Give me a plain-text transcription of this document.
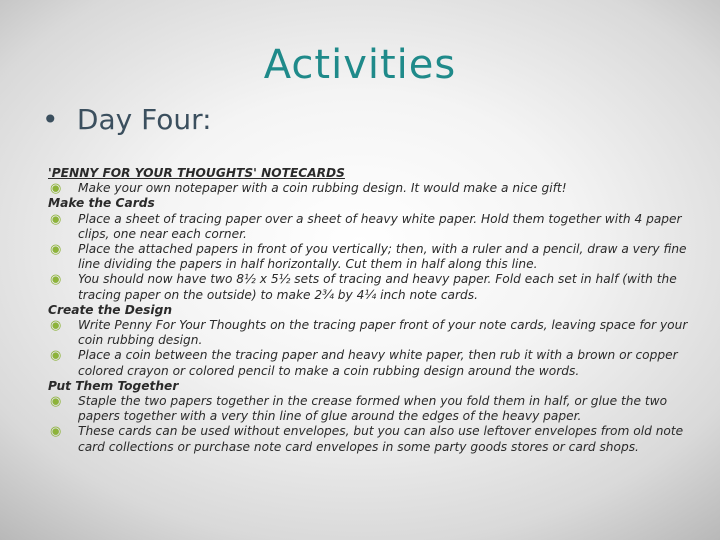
Activities
• Day Four:
'PENNY FOR YOUR THOUGHTS' NOTECARDS
◉ Make your own notepaper with a coin rubbing design. It would make a nice gift!
Make the Cards
◉ Place a sheet of tracing paper over a sheet of heavy white paper. Hold them together with 4 paper clips, one near each corner.
◉ Place the attached papers in front of you vertically; then, with a ruler and a pencil, draw a very fine line dividing the papers in half horizontally. Cut them in half along this line.
◉ You should now have two 8½ x 5½ sets of tracing and heavy paper. Fold each set in half (with the tracing paper on the outside) to make 2¾ by 4¼ inch note cards.
Create the Design
◉ Write Penny For Your Thoughts on the tracing paper front of your note cards, leaving space for your coin rubbing design.
◉ Place a coin between the tracing paper and heavy white paper, then rub it with a brown or copper colored crayon or colored pencil to make a coin rubbing design around the words.
Put Them Together
◉ Staple the two papers together in the crease formed when you fold them in half, or glue the two papers together with a very thin line of glue around the edges of the heavy paper.
◉ These cards can be used without envelopes, but you can also use leftover envelopes from old note card collections or purchase note card envelopes in some party goods stores or card shops.
